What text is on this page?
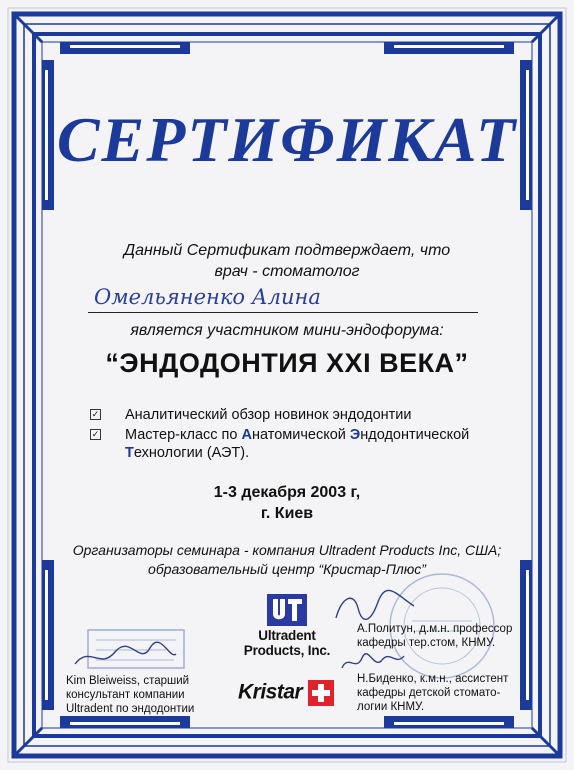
СЕРТИФИКАТ
Данный Сертификат подтверждает, что
врач - стоматолог
Омельяненко Алина
является участником мини-эндофорума:
“ЭНДОДОНТИЯ XXI ВЕКА”
✓ Аналитический обзор новинок эндодонтии
✓ Мастер-класс по Анатомической Эндодонтической
Технологии (АЭТ).
1-3 декабря 2003 г,
г. Киев
Организаторы семинара - компания Ultradent Products Inc, США;
образовательный центр “Кристар-Плюс”
Ultradent
Products, Inc.
Kristar
Kim Bleiweiss, старший
консультант компании
Ultradent по эндодонтии
А.Политун, д.м.н. профессор
кафедры тер.стом, КНМУ.
Н.Биденко, к.м.н., ассистент
кафедры детской стомато-
логии КНМУ.
